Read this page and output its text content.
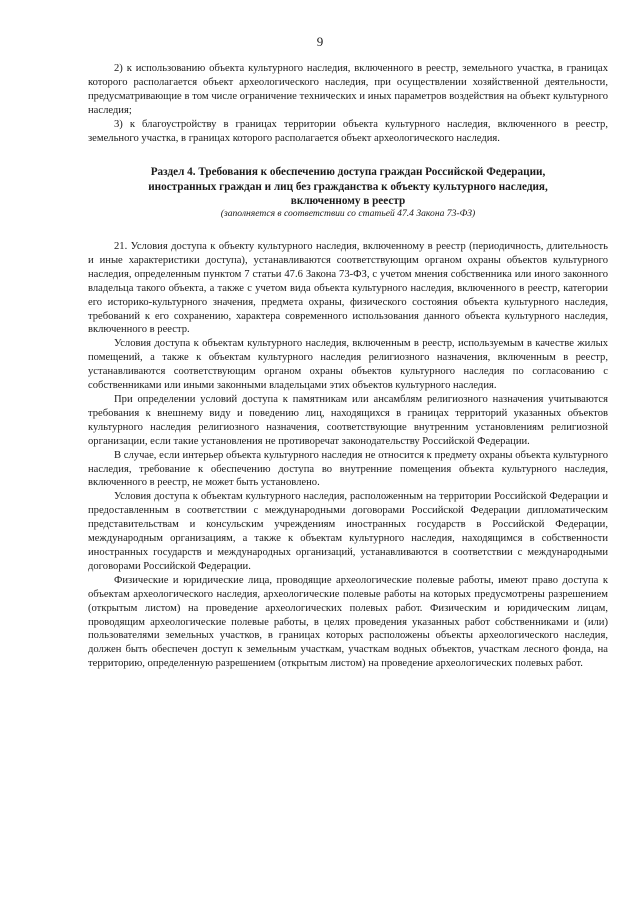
9

2) к использованию объекта культурного наследия, включенного в реестр, земельного участка, в границах которого располагается объект археологического наследия, при осуществлении хозяйственной деятельности, предусматривающие в том числе ограничение технических и иных параметров воздействия на объект культурного наследия;

3) к благоустройству в границах территории объекта культурного наследия, включенного в реестр, земельного участка, в границах которого располагается объект археологического наследия.

Раздел 4. Требования к обеспечению доступа граждан Российской Федерации,
иностранных граждан и лиц без гражданства к объекту культурного наследия,
включенному в реестр
(заполняется в соответствии со статьей 47.4 Закона 73-ФЗ)

21. Условия доступа к объекту культурного наследия, включенному в реестр (периодичность, длительность и иные характеристики доступа), устанавливаются соответствующим органом охраны объектов культурного наследия, определенным пунктом 7 статьи 47.6 Закона 73-ФЗ, с учетом мнения собственника или иного законного владельца такого объекта, а также с учетом вида объекта культурного наследия, включенного в реестр, категории его историко-культурного значения, предмета охраны, физического состояния объекта культурного наследия, требований к его сохранению, характера современного использования данного объекта культурного наследия, включенного в реестр.

Условия доступа к объектам культурного наследия, включенным в реестр, используемым в качестве жилых помещений, а также к объектам культурного наследия религиозного назначения, включенным в реестр, устанавливаются соответствующим органом охраны объектов культурного наследия по согласованию с собственниками или иными законными владельцами этих объектов культурного наследия.

При определении условий доступа к памятникам или ансамблям религиозного назначения учитываются требования к внешнему виду и поведению лиц, находящихся в границах территорий указанных объектов культурного наследия религиозного назначения, соответствующие внутренним установлениям религиозной организации, если такие установления не противоречат законодательству Российской Федерации.

В случае, если интерьер объекта культурного наследия не относится к предмету охраны объекта культурного наследия, требование к обеспечению доступа во внутренние помещения объекта культурного наследия, включенного в реестр, не может быть установлено.

Условия доступа к объектам культурного наследия, расположенным на территории Российской Федерации и предоставленным в соответствии с международными договорами Российской Федерации дипломатическим представительствам и консульским учреждениям иностранных государств в Российской Федерации, международным организациям, а также к объектам культурного наследия, находящимся в собственности иностранных государств и международных организаций, устанавливаются в соответствии с международными договорами Российской Федерации.

Физические и юридические лица, проводящие археологические полевые работы, имеют право доступа к объектам археологического наследия, археологические полевые работы на которых предусмотрены разрешением (открытым листом) на проведение археологических полевых работ. Физическим и юридическим лицам, проводящим археологические полевые работы, в целях проведения указанных работ собственниками и (или) пользователями земельных участков, в границах которых расположены объекты археологического наследия, должен быть обеспечен доступ к земельным участкам, участкам водных объектов, участкам лесного фонда, на территорию, определенную разрешением (открытым листом) на проведение археологических полевых работ.
